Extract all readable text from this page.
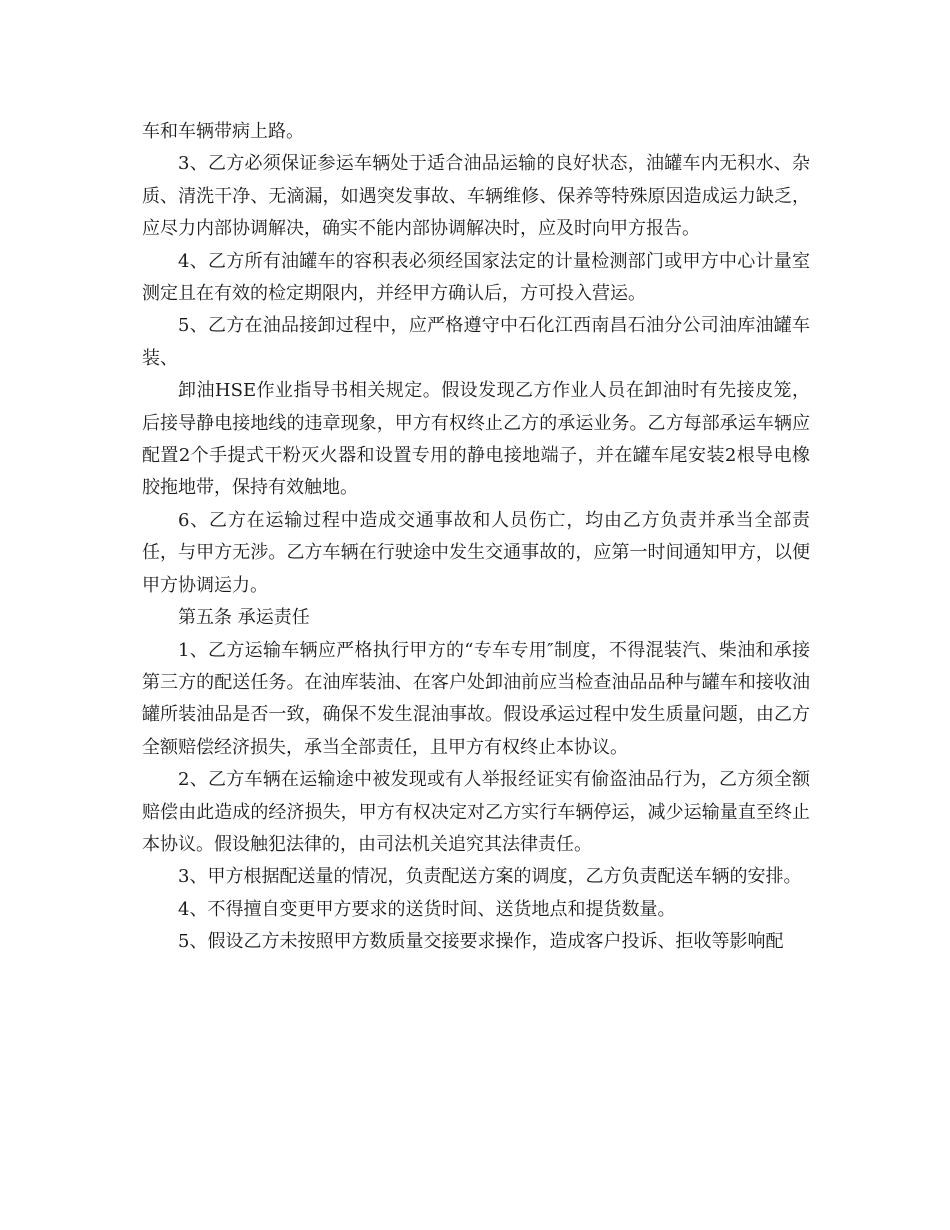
车和车辆带病上路。

3、乙方必须保证参运车辆处于适合油品运输的良好状态，油罐车内无积水、杂质、清洗干净、无滴漏，如遇突发事故、车辆维修、保养等特殊原因造成运力缺乏，应尽力内部协调解决，确实不能内部协调解决时，应及时向甲方报告。

4、乙方所有油罐车的容积表必须经国家法定的计量检测部门或甲方中心计量室测定且在有效的检定期限内，并经甲方确认后，方可投入营运。

5、乙方在油品接卸过程中，应严格遵守中石化江西南昌石油分公司油库油罐车装、

卸油HSE作业指导书相关规定。假设发现乙方作业人员在卸油时有先接皮笼，后接导静电接地线的违章现象，甲方有权终止乙方的承运业务。乙方每部承运车辆应配置2个手提式干粉灭火器和设置专用的静电接地端子，并在罐车尾安装2根导电橡胶拖地带，保持有效触地。

6、乙方在运输过程中造成交通事故和人员伤亡，均由乙方负责并承当全部责任，与甲方无涉。乙方车辆在行驶途中发生交通事故的，应第一时间通知甲方，以便甲方协调运力。

第五条 承运责任

1、乙方运输车辆应严格执行甲方的“专车专用″制度，不得混装汽、柴油和承接第三方的配送任务。在油库装油、在客户处卸油前应当检查油品品种与罐车和接收油罐所装油品是否一致，确保不发生混油事故。假设承运过程中发生质量问题，由乙方全额赔偿经济损失，承当全部责任，且甲方有权终止本协议。

2、乙方车辆在运输途中被发现或有人举报经证实有偷盗油品行为，乙方须全额赔偿由此造成的经济损失，甲方有权决定对乙方实行车辆停运，减少运输量直至终止本协议。假设触犯法律的，由司法机关追究其法律责任。

3、甲方根据配送量的情况，负责配送方案的调度，乙方负责配送车辆的安排。

4、不得擅自变更甲方要求的送货时间、送货地点和提货数量。

5、假设乙方未按照甲方数质量交接要求操作，造成客户投诉、拒收等影响配
